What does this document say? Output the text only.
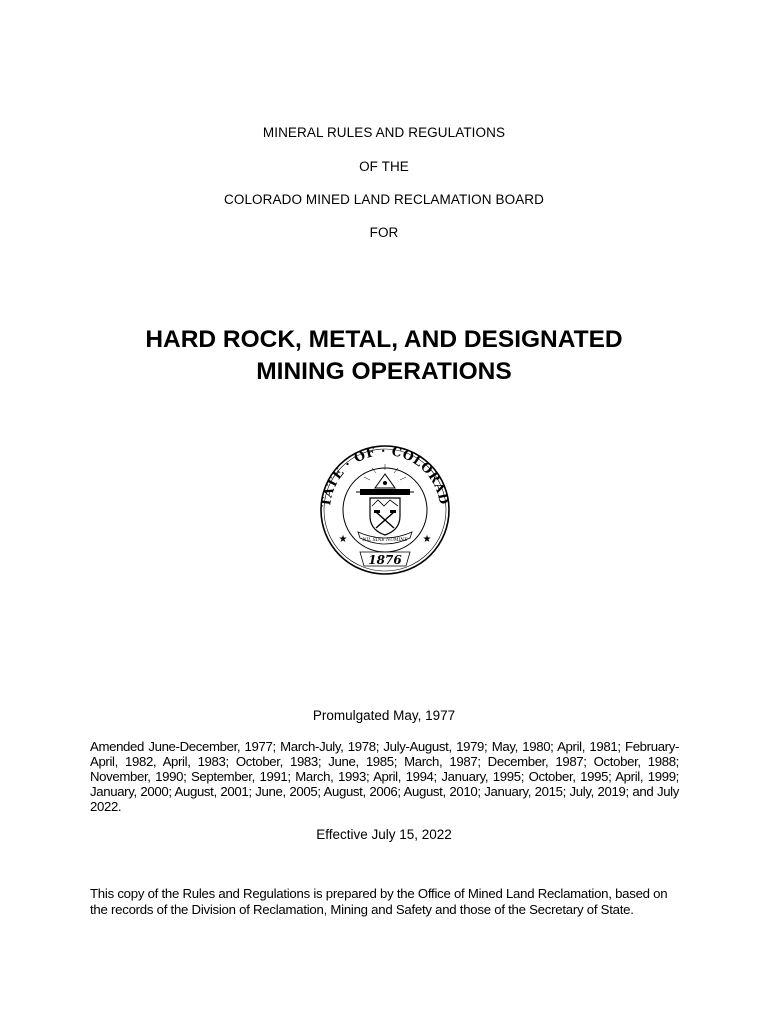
MINERAL RULES AND REGULATIONS
OF THE
COLORADO MINED LAND RECLAMATION BOARD
FOR
HARD ROCK, METAL, AND DESIGNATED
MINING OPERATIONS
TATE · OF · COLORAD
NIL SINE NUMINE
★	★
1876
Promulgated May, 1977
Amended June-December, 1977; March-July, 1978; July-August, 1979; May, 1980; April, 1981; February-April, 1982, April, 1983; October, 1983; June, 1985; March, 1987; December, 1987; October, 1988; November, 1990; September, 1991; March, 1993; April, 1994; January, 1995; October, 1995; April, 1999; January, 2000; August, 2001; June, 2005; August, 2006; August, 2010; January, 2015; July, 2019; and July 2022.
Effective July 15, 2022
This copy of the Rules and Regulations is prepared by the Office of Mined Land Reclamation, based on the records of the Division of Reclamation, Mining and Safety and those of the Secretary of State.
